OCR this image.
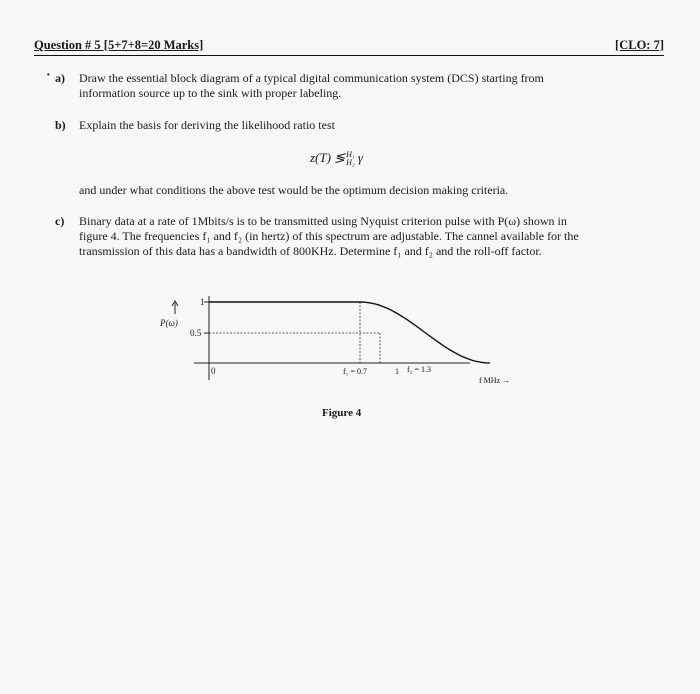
Question # 5 [5+7+8=20 Marks]	[CLO: 7]
· a) Draw the essential block diagram of a typical digital communication system (DCS) starting from
information source up to the sink with proper labeling.
b) Explain the basis for deriving the likelihood ratio test
z(T) ≶ H₁
H₂ γ
and under what conditions the above test would be the optimum decision making criteria.
c) Binary data at a rate of 1Mbits/s is to be transmitted using Nyquist criterion pulse with P(ω) shown in
figure 4. The frequencies f₁ and f₂ (in hertz) of this spectrum are adjustable. The cannel available for the
transmission of this data has a bandwidth of 800KHz. Determine f₁ and f₂ and the roll-off factor.
P(ω)
1
0.5
0	f₁ = 0.7	1 f₂ = 1.3
f MHz →
Figure 4
